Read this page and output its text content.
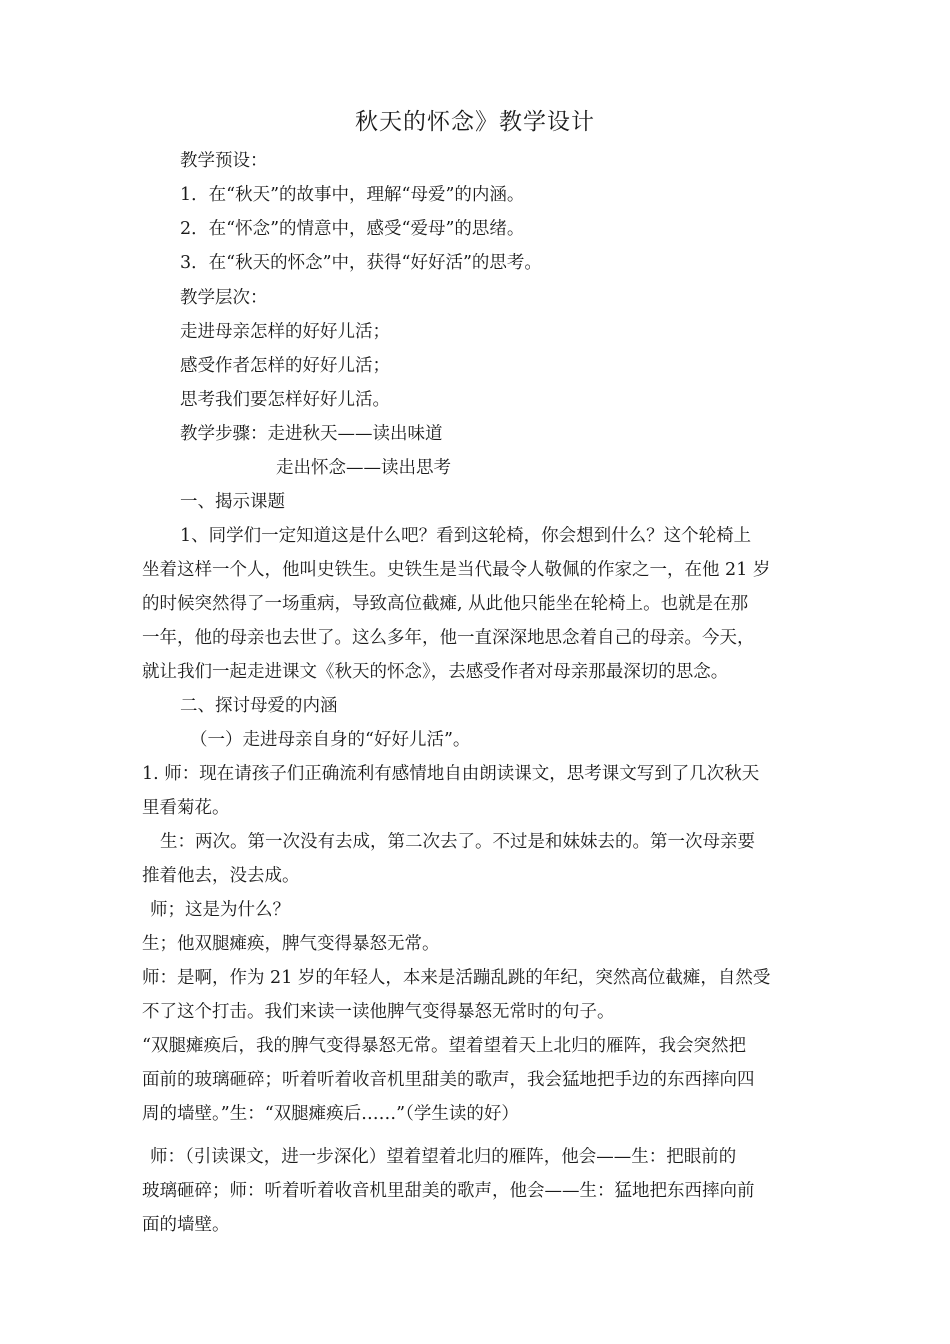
秋天的怀念》教学设计
教学预设：
1．在“秋天”的故事中，理解“母爱”的内涵。
2．在“怀念”的情意中，感受“爱母”的思绪。
3．在“秋天的怀念”中，获得“好好活”的思考。
教学层次：
走进母亲怎样的好好儿活；
感受作者怎样的好好儿活；
思考我们要怎样好好儿活。
教学步骤：走进秋天——读出味道
走出怀念——读出思考
一、揭示课题
1、同学们一定知道这是什么吧？看到这轮椅，你会想到什么？这个轮椅上
坐着这样一个人，他叫史铁生。史铁生是当代最令人敬佩的作家之一，在他 21 岁
的时候突然得了一场重病，导致高位截瘫, 从此他只能坐在轮椅上。也就是在那
一年，他的母亲也去世了。这么多年，他一直深深地思念着自己的母亲。今天，
就让我们一起走进课文《秋天的怀念》，去感受作者对母亲那最深切的思念。
二、探讨母爱的内涵
（一）走进母亲自身的“好好儿活”。
1. 师：现在请孩子们正确流利有感情地自由朗读课文，思考课文写到了几次秋天
里看菊花。
生：两次。第一次没有去成，第二次去了。不过是和妹妹去的。第一次母亲要
推着他去，没去成。
师；这是为什么？
生；他双腿瘫痪，脾气变得暴怒无常。
师：是啊，作为 21 岁的年轻人，本来是活蹦乱跳的年纪，突然高位截瘫，自然受
不了这个打击。我们来读一读他脾气变得暴怒无常时的句子。
“双腿瘫痪后，我的脾气变得暴怒无常。望着望着天上北归的雁阵，我会突然把
面前的玻璃砸碎；听着听着收音机里甜美的歌声，我会猛地把手边的东西摔向四
周的墙壁。”生：“双腿瘫痪后……”（学生读的好）
师：（引读课文，进一步深化）望着望着北归的雁阵，他会——生：把眼前的
玻璃砸碎；师：听着听着收音机里甜美的歌声，他会——生：猛地把东西摔向前
面的墙壁。
